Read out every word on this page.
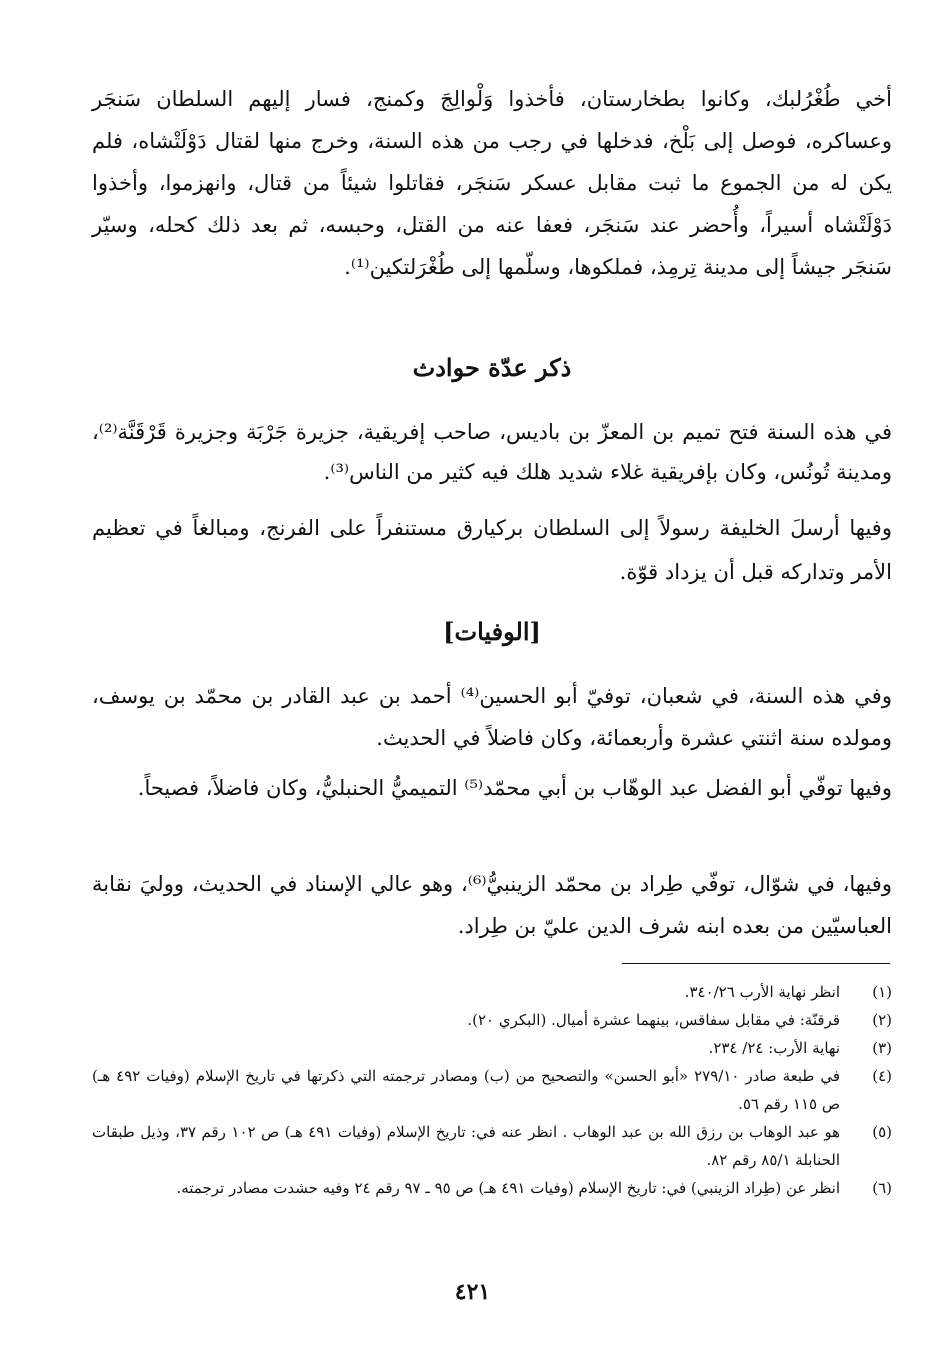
أخي طُغْرُلبك، وكانوا بطخارستان، فأخذوا وَلْوالِجَ وكمنج، فسار إليهم السلطان سَنجَر وعساكره، فوصل إلى بَلْخ، فدخلها في رجب من هذه السنة، وخرج منها لقتال دَوْلَتْشاه، فلم يكن له من الجموع ما ثبت مقابل عسكر سَنجَر، فقاتلوا شيئاً من قتال، وانهزموا، وأخذوا دَوْلَتْشاه أسيراً، وأُحضر عند سَنجَر، فعفا عنه من القتل، وحبسه، ثم بعد ذلك كحله، وسيّر سَنجَر جيشاً إلى مدينة تِرمِذ، فملكوها، وسلّمها إلى طُغْرَلتكين⁽¹⁾.

ذكر عدّة حوادث

في هذه السنة فتح تميم بن المعزّ بن باديس، صاحب إفريقية، جزيرة جَرْبَة وجزيرة قَرْقَنَّة⁽²⁾، ومدينة تُونُس، وكان بإفريقية غلاء شديد هلك فيه كثير من الناس⁽³⁾.

وفيها أرسلَ الخليفة رسولاً إلى السلطان بركيارق مستنفراً على الفرنج، ومبالغاً في تعظيم الأمر وتداركه قبل أن يزداد قوّة.

[الوفيات]

وفي هذه السنة، في شعبان، توفيّ أبو الحسين⁽⁴⁾ أحمد بن عبد القادر بن محمّد بن يوسف، ومولده سنة اثنتي عشرة وأربعمائة، وكان فاضلاً في الحديث.

وفيها توفّي أبو الفضل عبد الوهّاب بن أبي محمّد⁽⁵⁾ التميميُّ الحنبليُّ، وكان فاضلاً، فصيحاً.

وفيها، في شوّال، توفّي طِراد بن محمّد الزينبيُّ⁽⁶⁾، وهو عالي الإسناد في الحديث، ووليَ نقابة العباسيّين من بعده ابنه شرف الدين عليّ بن طِراد.

(١)
انظر نهاية الأرب ٣٤٠/٢٦.
(٢)
قرقنّة: في مقابل سفاقس، بينهما عشرة أميال. (البكري ٢٠).
(٣)
نهاية الأرب: ٢٤/ ٢٣٤.
(٤)
في طبعة صادر ٢٧٩/١٠ «أبو الحسن» والتصحيح من (ب) ومصادر ترجمته التي ذكرتها في تاريخ الإسلام (وفيات ٤٩٢ هـ) ص ١١٥ رقم ٥٦.
(٥)
هو عبد الوهاب بن رزق الله بن عبد الوهاب . انظر عنه في: تاريخ الإسلام (وفيات ٤٩١ هـ) ص ١٠٢ رقم ٣٧، وذيل طبقات الحنابلة ٨٥/١ رقم ٨٢.
(٦)
انظر عن (طِراد الزينبي) في: تاريخ الإسلام (وفيات ٤٩١ هـ) ص ٩٥ ـ ٩٧ رقم ٢٤ وفيه حشدت مصادر ترجمته.
٤٢١
